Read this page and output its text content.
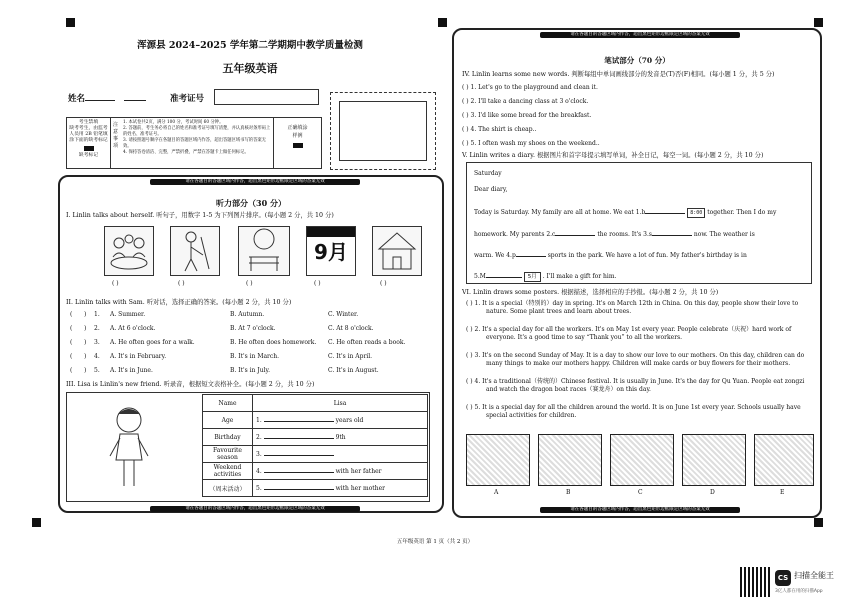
浑源县 2024–2025 学年第二学期期中教学质量检测
五年级英语
姓名	准考证号
考生禁填
缺考考生，由监考人员用 2B 铅笔填涂下面的缺考标记
缺考标记
注意事项
1. 本试卷共2页，满分 100 分，考试时间 60 分钟。
2. 答题前，考生务必将自己的姓名和准考证号填写清楚，并认真核对条形码上的姓名、准考证号。
3. 请按照题号顺序在各题目的答题区域内作答，超出答题区域书写的答案无效。
4. 保持答卷清洁、完整，严禁折叠，严禁在答题卡上做任何标记。
正确填涂
样例
请在各题目的答题区域内作答，超出黑色矩形边框限定区域的答案无效
听力部分（30 分）
I. Linlin talks about herself. 听句子，用数字 1-5 为下列图片排序。(每小题 2 分，共 10 分)
9月
( )	( )	( )	( )	( )
II. Linlin talks with Sam. 听对话，选择正确的答案。(每小题 2 分，共 10 分)
( ) 1. A. Summer.	B. Autumn.	C. Winter.
( ) 2. A. At 6 o'clock.	B. At 7 o'clock.	C. At 8 o'clock.
( ) 3. A. He often goes for a walk.	B. He often does homework. C. He often reads a book.
( ) 4. A. It's in February.	B. It's in March.	C. It's in April.
( ) 5. A. It's in June.	B. It's in July.	C. It's in August.
III. Lisa is Linlin's new friend. 听录音，根据短文表格补全。(每小题 2 分，共 10 分)
Name	Lisa
Age	1. years old
Birthday	2. 9th
Favourite season	3.
Weekend activities	4. with her father
（周末活动）	5. with her mother
请在各题目的答题区域内作答，超出黑色矩形边框限定区域的答案无效
请在各题目的答题区域内作答，超出黑色矩形边框限定区域的答案无效
笔试部分（70 分）
IV. Linlin learns some new words. 判断每组中单词画线部分的发音是(T)否(F)相同。(每小题 1 分，共 5 分)
( ) 1. Let's go to the playground and clean it.
( ) 2. I'll take a dancing class at 3 o'clock.
( ) 3. I'd like some bread for the breakfast.
( ) 4. The shirt is cheap..
( ) 5. I often wash my shoes on the weekend..
V. Linlin writes a diary. 根据图片和首字母提示填写单词，补全日记，每空一词。(每小题 2 分，共 10 分)
Saturday
Dear diary,
Today is Saturday. My family are all at home. We eat 1.b	8:00 together. Then I do my
homework. My parents 2.c	the rooms. It's 3.s	now. The weather is
warm. We 4.p	sports in the park. We have a lot of fun. My father's birthday is in
5.M	5月 . I'll make a gift for him.
VI. Linlin draws some posters. 根据描述，选择相应的手抄报。(每小题 2 分，共 10 分)
( ) 1. It is a special（特别的）day in spring. It's on March 12th in China. On this day, people show their love to
nature. Some plant trees and learn about trees.
( ) 2. It's a special day for all the workers. It's on May 1st every year. People celebrate（庆祝）hard work of
everyone. It's a good time to say “Thank you” to all the workers.
( ) 3. It's on the second Sunday of May. It is a day to show our love to our mothers. On this day, children can do
many things to make our mothers happy. Children will make cards or buy flowers for their mothers.
( ) 4. It's a traditional（传统的）Chinese festival. It is usually in June. It's the day for Qu Yuan. People eat zongzi
and watch the dragon boat races（赛龙舟）on this day.
( ) 5. It is a special day for all the children around the world. It is on June 1st every year. Schools usually have
special activities for children.
A	B	C	D	E
请在各题目的答题区域内作答，超出黑色矩形边框限定区域的答案无效
五年级英语 第 1 页（共 2 页）
CS 扫描全能王
3亿人都在用的扫描App
